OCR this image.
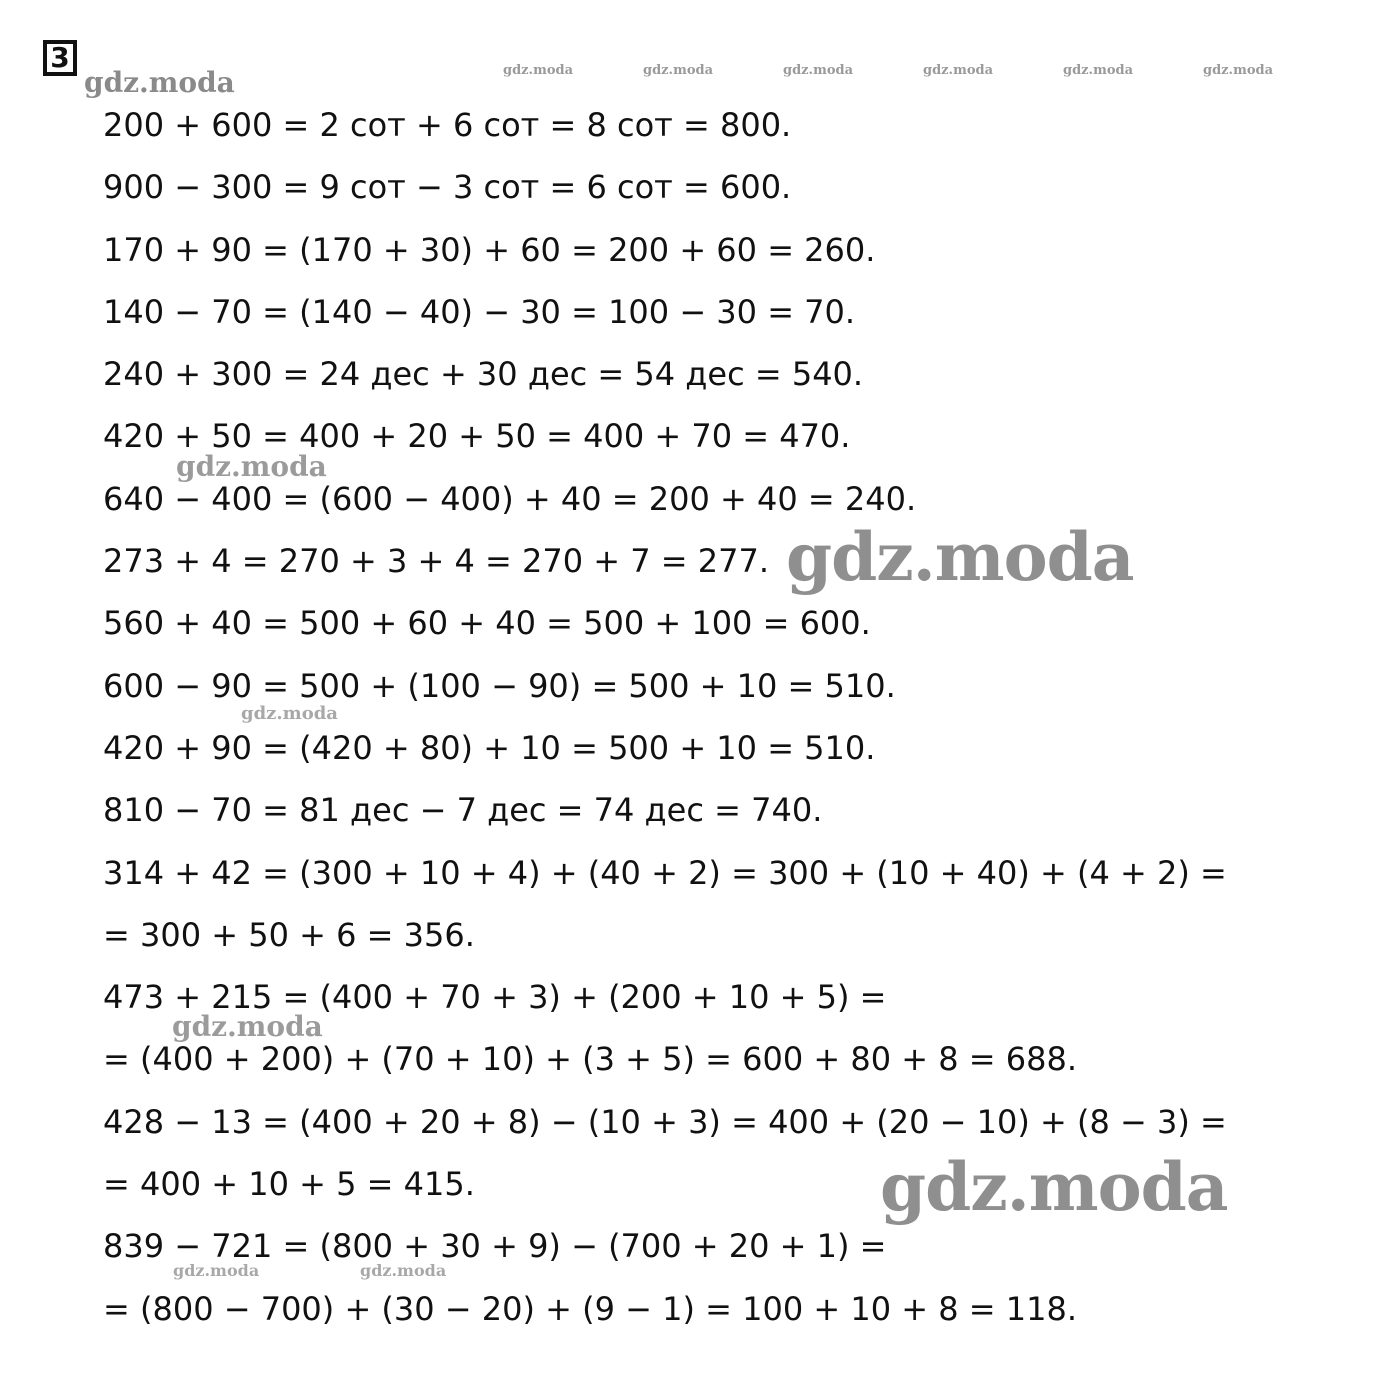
3
gdz.moda	gdz.moda	gdz.moda	gdz.moda	gdz.moda	gdz.moda	gdz.moda
200 + 600 = 2 сот + 6 сот = 8 сот = 800.
900 − 300 = 9 сот − 3 сот = 6 сот = 600.
170 + 90 = (170 + 30) + 60 = 200 + 60 = 260.
140 − 70 = (140 − 40) − 30 = 100 − 30 = 70.
240 + 300 = 24 дес + 30 дес = 54 дес = 540.
420 + 50 = 400 + 20 + 50 = 400 + 70 = 470.
640 − 400 = (600 − 400) + 40 = 200 + 40 = 240.
273 + 4 = 270 + 3 + 4 = 270 + 7 = 277.
560 + 40 = 500 + 60 + 40 = 500 + 100 = 600.
600 − 90 = 500 + (100 − 90) = 500 + 10 = 510.
420 + 90 = (420 + 80) + 10 = 500 + 10 = 510.
810 − 70 = 81 дес − 7 дес = 74 дес = 740.
314 + 42 = (300 + 10 + 4) + (40 + 2) = 300 + (10 + 40) + (4 + 2) =
= 300 + 50 + 6 = 356.
473 + 215 = (400 + 70 + 3) + (200 + 10 + 5) =
= (400 + 200) + (70 + 10) + (3 + 5) = 600 + 80 + 8 = 688.
428 − 13 = (400 + 20 + 8) − (10 + 3) = 400 + (20 − 10) + (8 − 3) =
= 400 + 10 + 5 = 415.
839 − 721 = (800 + 30 + 9) − (700 + 20 + 1) =
= (800 − 700) + (30 − 20) + (9 − 1) = 100 + 10 + 8 = 118.
gdz.moda
gdz.moda
gdz.moda
gdz.moda
gdz.moda
gdz.moda	gdz.moda
